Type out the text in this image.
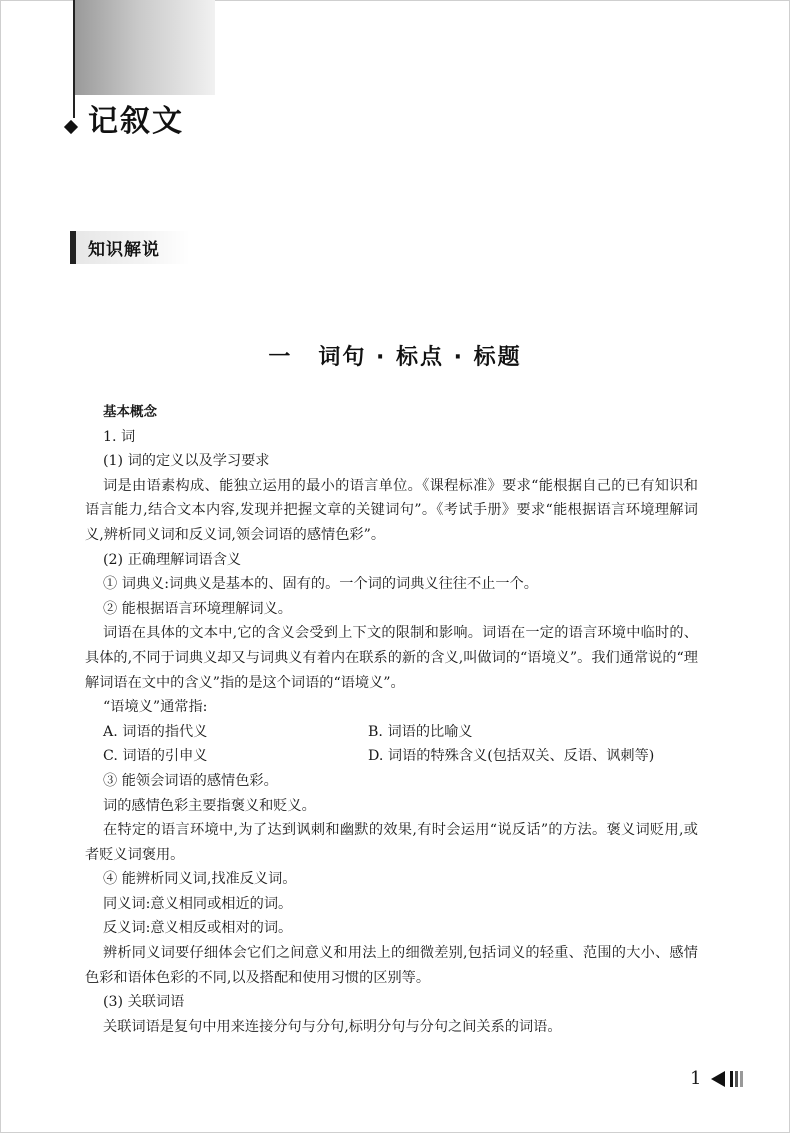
记叙文
知识解说
一 词句 · 标点 · 标题
基本概念
1. 词
(1) 词的定义以及学习要求
词是由语素构成、能独立运用的最小的语言单位。《课程标准》要求“能根据自己的已有知识和语言能力,结合文本内容,发现并把握文章的关键词句”。《考试手册》要求“能根据语言环境理解词义,辨析同义词和反义词,领会词语的感情色彩”。
(2) 正确理解词语含义
① 词典义:词典义是基本的、固有的。一个词的词典义往往不止一个。
② 能根据语言环境理解词义。
词语在具体的文本中,它的含义会受到上下文的限制和影响。词语在一定的语言环境中临时的、具体的,不同于词典义却又与词典义有着内在联系的新的含义,叫做词的“语境义”。我们通常说的“理解词语在文中的含义”指的是这个词语的“语境义”。
“语境义”通常指:
A. 词语的指代义	B. 词语的比喻义
C. 词语的引申义	D. 词语的特殊含义(包括双关、反语、讽刺等)
③ 能领会词语的感情色彩。
词的感情色彩主要指褒义和贬义。
在特定的语言环境中,为了达到讽刺和幽默的效果,有时会运用“说反话”的方法。褒义词贬用,或者贬义词褒用。
④ 能辨析同义词,找准反义词。
同义词:意义相同或相近的词。
反义词:意义相反或相对的词。
辨析同义词要仔细体会它们之间意义和用法上的细微差别,包括词义的轻重、范围的大小、感情色彩和语体色彩的不同,以及搭配和使用习惯的区别等。
(3) 关联词语
关联词语是复句中用来连接分句与分句,标明分句与分句之间关系的词语。
1
